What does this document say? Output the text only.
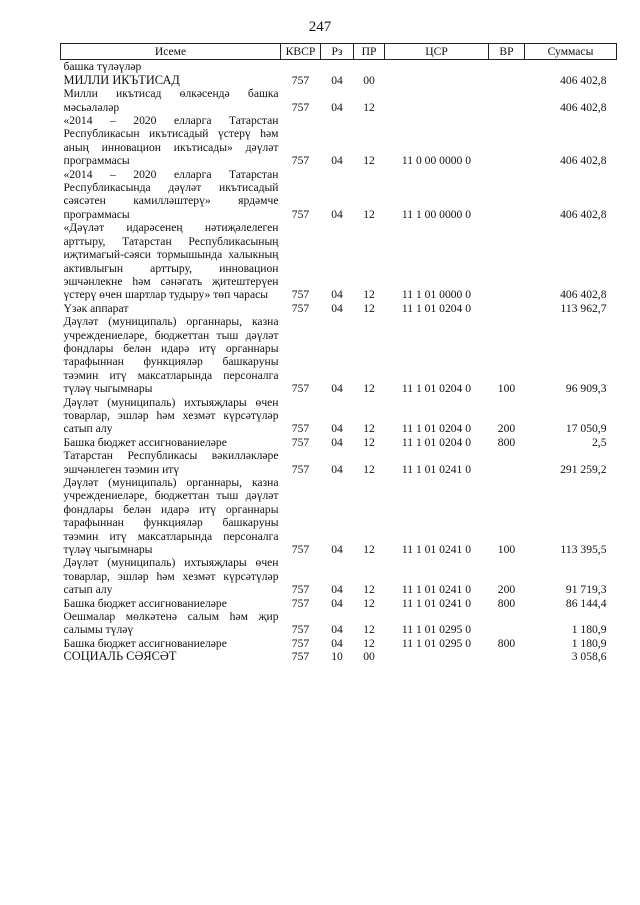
247
Исеме	КВСР	Рз	ПР	ЦСР	ВР	Суммасы
башка түләүләр						
МИЛЛИ ИКЪТИСАД	757	04	00			406 402,8
Милли икътисад өлкәсендә башка мәсьәләләр	757	04	12			406 402,8
«2014 – 2020 елларга Татарстан Республикасын икътисадый үстерү һәм аның инновацион икътисады» дәүләт программасы	757	04	12	11 0 00 0000 0		406 402,8
«2014 – 2020 елларга Татарстан Республикасында дәүләт икътисадый сәясәтен камилләштерү» ярдәмче программасы	757	04	12	11 1 00 0000 0		406 402,8
«Дәүләт идарәсенең нәтиҗәлелеген арттыру, Татарстан Республикасының иҗтимагый-сәяси тормышында халыкның активлыгын арттыру, инновацион эшчәнлекне һәм сәнәгать җитештерүен үстерү өчен шартлар тудыру» төп чарасы	757	04	12	11 1 01 0000 0		406 402,8
Үзәк аппарат	757	04	12	11 1 01 0204 0		113 962,7
Дәүләт (муниципаль) органнары, казна учреждениеләре, бюджеттан тыш дәүләт фондлары белән идарә итү органнары тарафыннан функцияләр башкаруны тәэмин итү максатларында персоналга түләү чыгымнары	757	04	12	11 1 01 0204 0	100	96 909,3
Дәүләт (муниципаль) ихтыяҗлары өчен товарлар, эшләр һәм хезмәт күрсәтүләр сатып алу	757	04	12	11 1 01 0204 0	200	17 050,9
Башка бюджет ассигнованиеләре	757	04	12	11 1 01 0204 0	800	2,5
Татарстан Республикасы вәкилләкләре эшчәнлеген тәэмин итү	757	04	12	11 1 01 0241 0		291 259,2
Дәүләт (муниципаль) органнары, казна учреждениеләре, бюджеттан тыш дәүләт фондлары белән идарә итү органнары тарафыннан функцияләр башкаруны тәэмин итү максатларында персоналга түләү чыгымнары	757	04	12	11 1 01 0241 0	100	113 395,5
Дәүләт (муниципаль) ихтыяҗлары өчен товарлар, эшләр һәм хезмәт күрсәтүләр сатып алу	757	04	12	11 1 01 0241 0	200	91 719,3
Башка бюджет ассигнованиеләре	757	04	12	11 1 01 0241 0	800	86 144,4
Оешмалар мөлкәтенә салым һәм җир салымы түләү	757	04	12	11 1 01 0295 0		1 180,9
Башка бюджет ассигнованиеләре	757	04	12	11 1 01 0295 0	800	1 180,9
СОЦИАЛЬ СӘЯСӘТ	757	10	00			3 058,6
